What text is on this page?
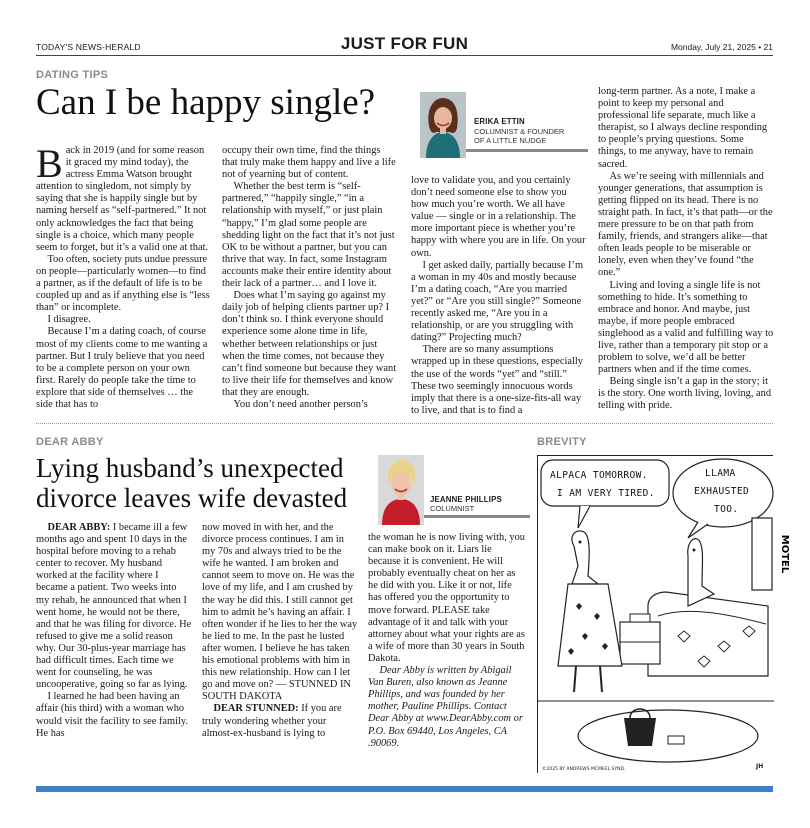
TODAY'S NEWS-HERALD	JUST FOR FUN	Monday, July 21, 2025 • 21
DATING TIPS
Can I be happy single?	ERIKA ETTIN
COLUMNIST & FOUNDER
OF A LITTLE NUDGE

Back in 2019 (and for some reason it graced my mind today), the actress Emma Watson brought attention to singledom, not simply by saying that she is happily single but by naming herself as “self-partnered.” It not only acknowledges the fact that being single is a choice, which many people seem to forget, but it’s a valid one at that.

Too often, society puts undue pressure on people—particularly women—to find a partner, as if the default of life is to be coupled up and as if anything else is “less than” or incomplete.

I disagree.

Because I’m a dating coach, of course most of my clients come to me wanting a partner. But I truly believe that you need to be a complete person on your own first. Rarely do people take the time to explore that side of themselves … the side that has to

occupy their own time, find the things that truly make them happy and live a life not of yearning but of content.

Whether the best term is “self-partnered,” “happily single,” “in a relationship with myself,” or just plain “happy,” I’m glad some people are shedding light on the fact that it’s not just OK to be without a partner, but you can thrive that way. In fact, some Instagram accounts make their entire identity about their lack of a partner… and I love it.

Does what I’m saying go against my daily job of helping clients partner up? I don’t think so. I think everyone should experience some alone time in life, whether between relationships or just when the time comes, not because they can’t find someone but because they want to live their life for themselves and know that they are enough.

You don’t need another person’s

love to validate you, and you certainly don’t need someone else to show you how much you’re worth. We all have value — single or in a relationship. The more important piece is whether you’re happy with where you are in life. On your own.

I get asked daily, partially because I’m a woman in my 40s and mostly because I’m a dating coach, “Are you married yet?” or “Are you still single?” Someone recently asked me, “Are you in a relationship, or are you struggling with dating?” Projecting much?

There are so many assumptions wrapped up in these questions, especially the use of the words “yet” and “still.” These two seemingly innocuous words imply that there is a one-size-fits-all way to live, and that is to find a

long-term partner. As a note, I make a point to keep my personal and professional life separate, much like a therapist, so I always decline responding to people’s prying questions. Some things, to me anyway, have to remain sacred.

As we’re seeing with millennials and younger generations, that assumption is getting flipped on its head. There is no straight path. In fact, it’s that path—or the mere pressure to be on that path from family, friends, and strangers alike—that often leads people to be miserable or lonely, even when they’ve found “the one.”

Living and loving a single life is not something to hide. It’s something to embrace and honor. And maybe, just maybe, if more people embraced singlehood as a valid and fulfilling way to live, rather than a temporary pit stop or a problem to solve, we’d all be better partners when and if the time comes.

Being single isn’t a gap in the story; it is the story. One worth living, loving, and telling with pride.

DEAR ABBY
Lying husband’s unexpected
divorce leaves wife devasted	JEANNE PHILLIPS
COLUMNIST

DEAR ABBY: I became ill a few months ago and spent 10 days in the hospital before moving to a rehab center to recover. My husband worked at the facility where I became a patient. Two weeks into my rehab, he announced that when I went home, he would not be there, and that he was filing for divorce. He refused to give me a solid reason why. Our 30-plus-year marriage has had difficult times. Each time we went for counseling, he was uncooperative, going so far as lying.

I learned he had been having an affair (his third) with a woman who would visit the facility to see family. He has

now moved in with her, and the divorce process continues. I am in my 70s and always tried to be the wife he wanted. I am broken and cannot seem to move on. He was the love of my life, and I am crushed by the way he did this. I still cannot get him to admit he’s having an affair. I often wonder if he lies to her the way he lied to me. In the past he lusted after women. I believe he has taken his emotional problems with him in this new relationship. How can I let go and move on? — STUNNED IN SOUTH DAKOTA

DEAR STUNNED: If you are truly wondering whether your almost-ex-husband is lying to

the woman he is now living with, you can make book on it. Liars lie because it is convenient. He will probably eventually cheat on her as he did with you. Like it or not, life has offered you the opportunity to move forward. PLEASE take advantage of it and talk with your attorney about what your rights are as a wife of more than 30 years in South Dakota.

Dear Abby is written by Abigail Van Buren, also known as Jeanne Phillips, and was founded by her mother, Pauline Phillips. Contact Dear Abby at www.DearAbby.com or P.O. Box 69440, Los Angeles, CA .90069.

BREVITY
ALPACA TOMORROW.
I AM VERY TIRED.
LLAMA
EXHAUSTED
TOO.
MOTEL
©2025 BY ANDREWS MCMEEL SYND.	JH
